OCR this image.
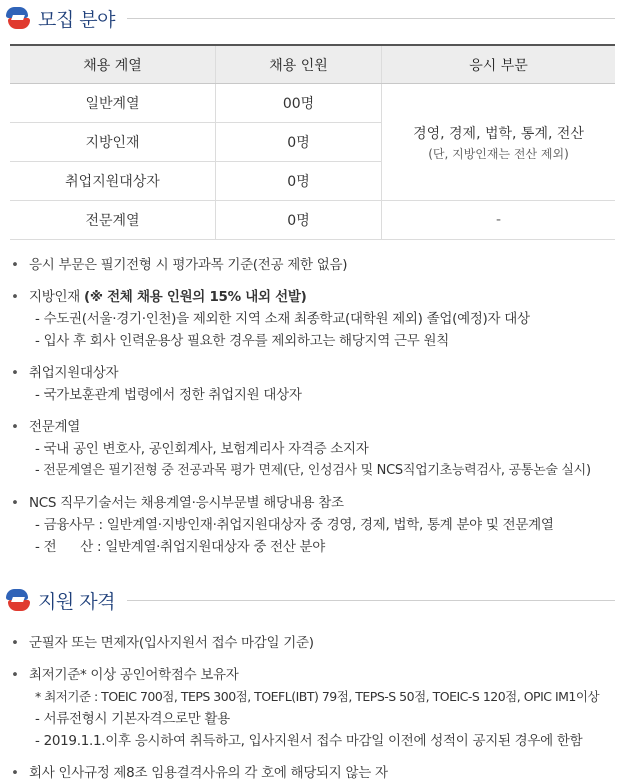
모집 분야
채용 계열	채용 인원	응시 부문
일반계열	00명	경영, 경제, 법학, 통계, 전산
(단, 지방인재는 전산 제외)

지방인재	0명	
취업지원대상자	0명	
전문계열	0명	-
• 응시 부문은 필기전형 시 평가과목 기준(전공 제한 없음)
• 지방인재 (※ 전체 채용 인원의 15% 내외 선발)
- 수도권(서울·경기·인천)을 제외한 지역 소재 최종학교(대학원 제외) 졸업(예정)자 대상
- 입사 후 회사 인력운용상 필요한 경우를 제외하고는 해당지역 근무 원칙
• 취업지원대상자
- 국가보훈관계 법령에서 정한 취업지원 대상자
• 전문계열
- 국내 공인 변호사, 공인회계사, 보험계리사 자격증 소지자
- 전문계열은 필기전형 중 전공과목 평가 면제(단, 인성검사 및 NCS직업기초능력검사, 공통논술 실시)
• NCS 직무기술서는 채용계열·응시부문별 해당내용 참조
- 금융사무 : 일반계열·지방인재·취업지원대상자 중 경영, 경제, 법학, 통계 분야 및 전문계열
- 전      산 : 일반계열·취업지원대상자 중 전산 분야
지원 자격
• 군필자 또는 면제자(입사지원서 접수 마감일 기준)
• 최저기준* 이상 공인어학점수 보유자
* 최저기준 : TOEIC 700점, TEPS 300점, TOEFL(IBT) 79점, TEPS-S 50점, TOEIC-S 120점, OPIC IM1이상
- 서류전형시 기본자격으로만 활용
- 2019.1.1.이후 응시하여 취득하고, 입사지원서 접수 마감일 이전에 성적이 공지된 경우에 한함
• 회사 인사규정 제8조 임용결격사유의 각 호에 해당되지 않는 자
